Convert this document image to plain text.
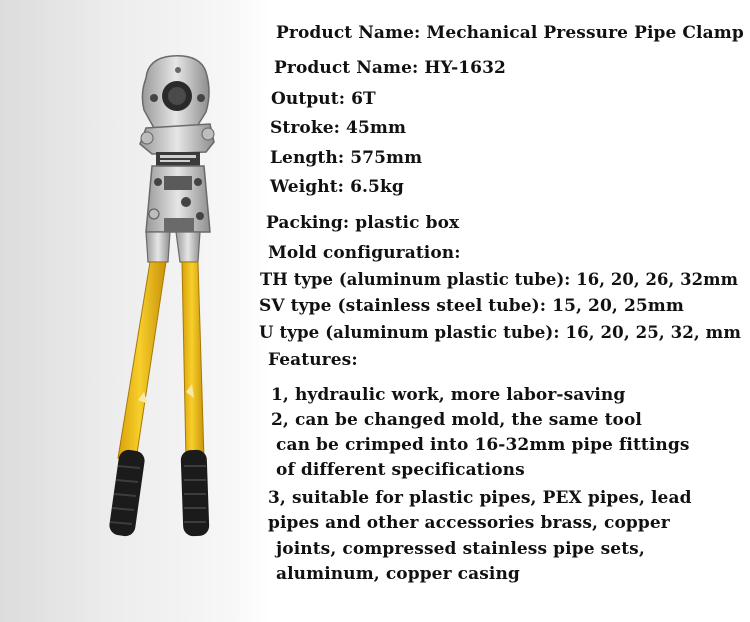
Product Name: Mechanical Pressure Pipe Clamp

Product Name: HY-1632

Output: 6T

Stroke: 45mm

Length: 575mm

Weight: 6.5kg

Packing: plastic box

Mold configuration:

TH type (aluminum plastic tube): 16, 20, 26, 32mm

SV type (stainless steel tube): 15, 20, 25mm

U type (aluminum plastic tube): 16, 20, 25, 32, mm

Features:

1, hydraulic work, more labor-saving

2, can be changed mold, the same tool

can be crimped into 16-32mm pipe fittings

of different specifications

3, suitable for plastic pipes, PEX pipes, lead

pipes and other accessories brass, copper

joints, compressed stainless pipe sets,

aluminum, copper casing
